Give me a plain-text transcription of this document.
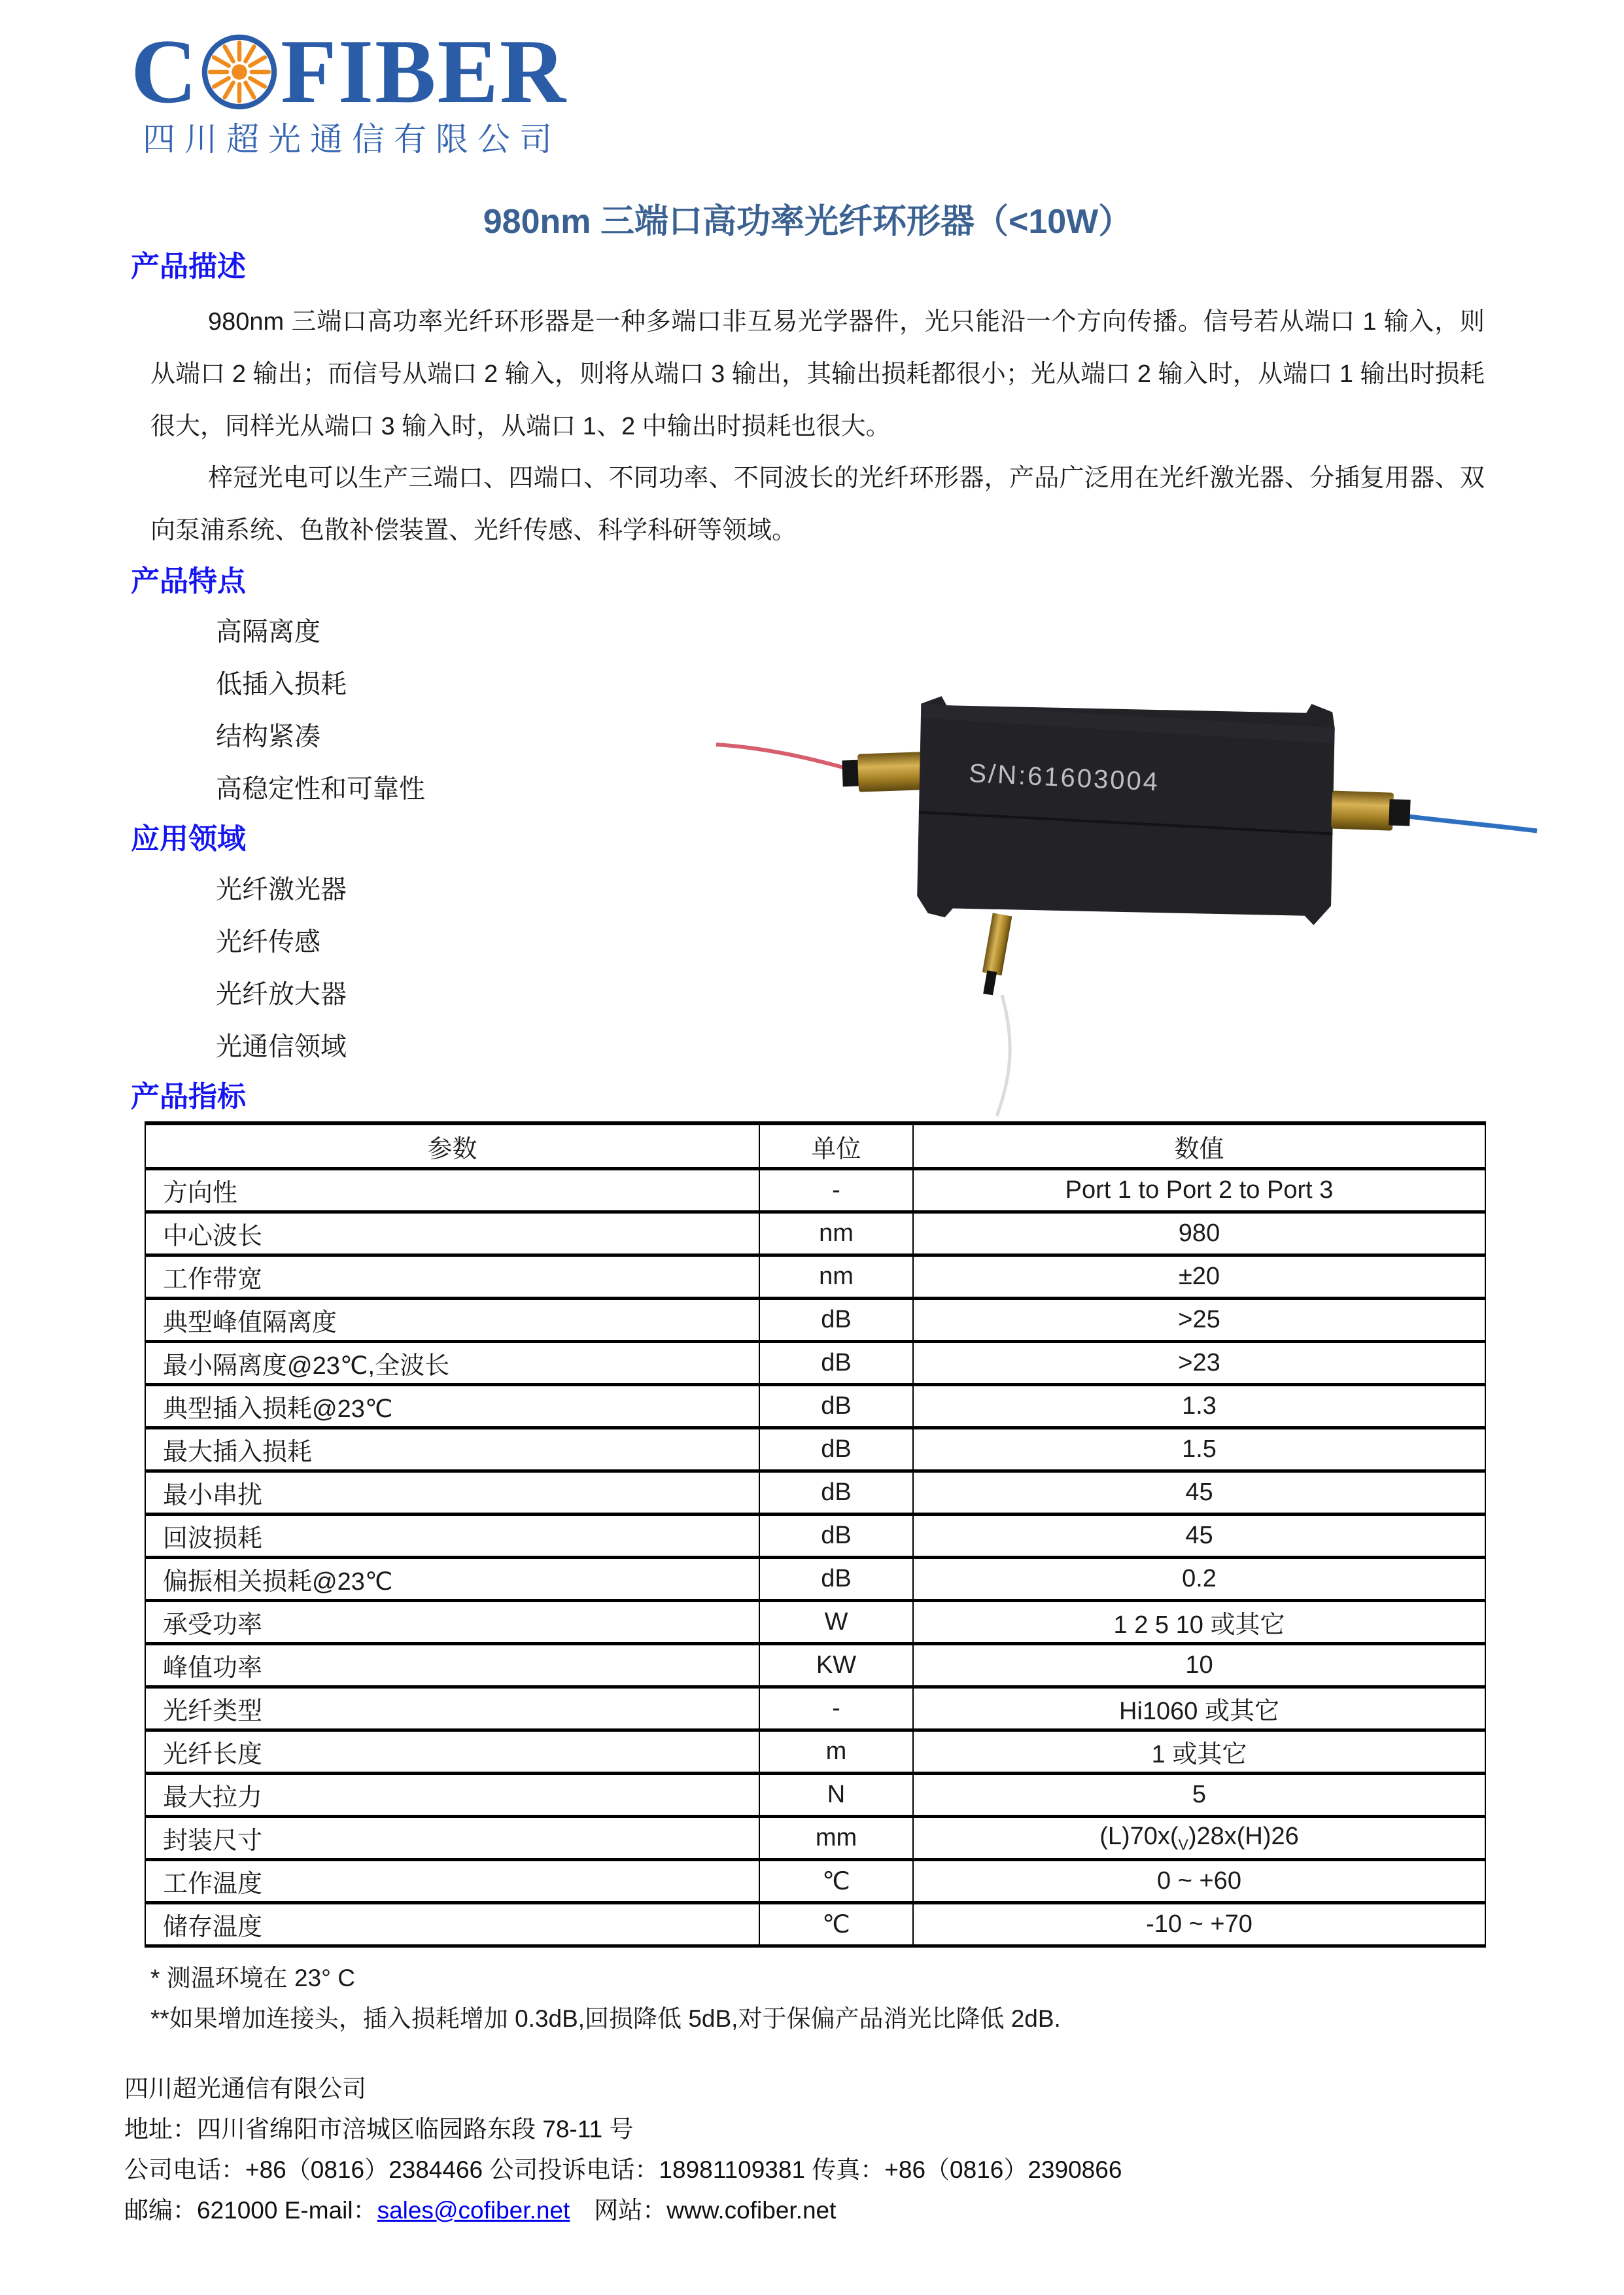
C FIBER
四川超光通信有限公司
980nm 三端口高功率光纤环形器（<10W）
产品描述

980nm 三端口高功率光纤环形器是一种多端口非互易光学器件，光只能沿一个方向传播。信号若从端口 1 输入，则从端口 2 输出；而信号从端口 2 输入，则将从端口 3 输出，其输出损耗都很小；光从端口 2 输入时，从端口 1 输出时损耗很大，同样光从端口 3 输入时，从端口 1、2 中输出时损耗也很大。

梓冠光电可以生产三端口、四端口、不同功率、不同波长的光纤环形器，产品广泛用在光纤激光器、分插复用器、双向泵浦系统、色散补偿装置、光纤传感、科学科研等领域。

S/N:61603004
产品特点
高隔离度
低插入损耗
结构紧凑
高稳定性和可靠性
应用领域
光纤激光器
光纤传感
光纤放大器
光通信领域
产品指标
参数	单位	数值
方向性	-	Port 1 to Port 2 to Port 3
中心波长	nm	980
工作带宽	nm	±20
典型峰值隔离度	dB	>25
最小隔离度@23℃,全波长	dB	>23
典型插入损耗@23℃	dB	1.3
最大插入损耗	dB	1.5
最小串扰	dB	45
回波损耗	dB	45
偏振相关损耗@23℃	dB	0.2
承受功率	W	1 2 5 10 或其它
峰值功率	KW	10
光纤类型	-	Hi1060 或其它
光纤长度	m	1 或其它
最大拉力	N	5
封装尺寸	mm	$(L)70x(_V)28x(H)26$
工作温度	℃	0 ~ +60
储存温度	℃	-10 ~ +70

* 测温环境在 23° C

**如果增加连接头，插入损耗增加 0.3dB,回损降低 5dB,对于保偏产品消光比降低 2dB.

四川超光通信有限公司

地址：四川省绵阳市涪城区临园路东段 78-11 号

公司电话：+86（0816）2384466 公司投诉电话：18981109381 传真：+86（0816）2390866

邮编：621000 E-mail：sales@cofiber.net　网站：www.cofiber.net
